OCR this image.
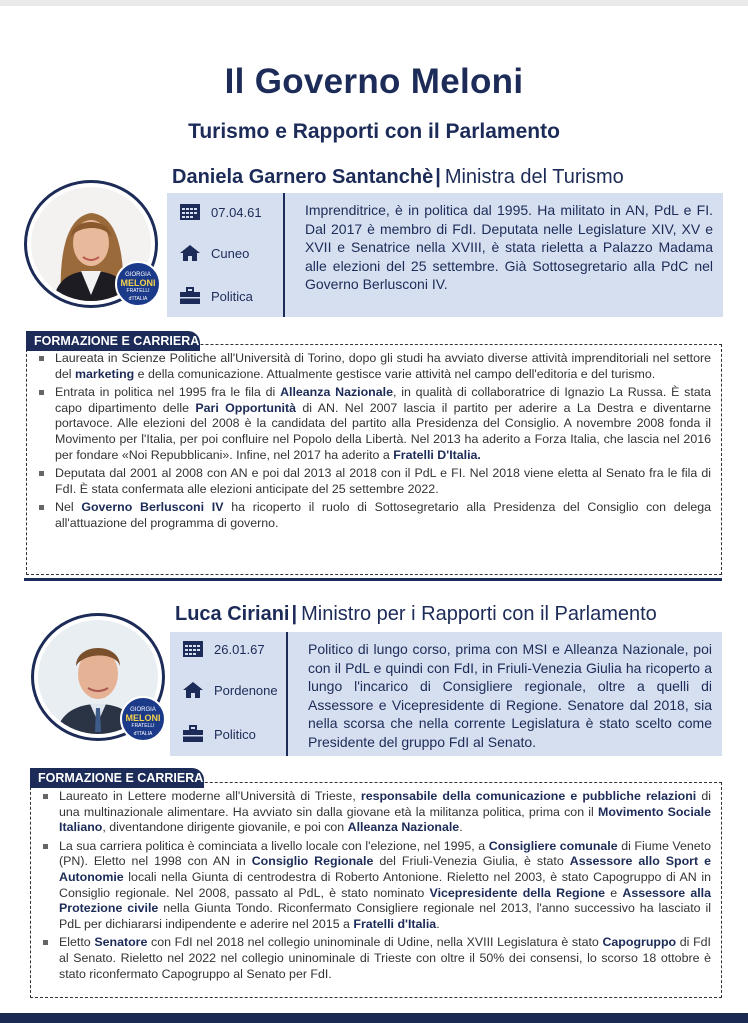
Il Governo Meloni
Turismo e Rapporti con il Parlamento
Daniela Garnero Santanchè | Ministra del Turismo
GIORGIA
MELONI
FRATELLI d'ITALIA
07.04.61
Cuneo
Politica

Imprenditrice, è in politica dal 1995. Ha militato in AN, PdL e FI. Dal 2017 è membro di FdI. Deputata nelle Legislature XIV, XV e XVII e Senatrice nella XVIII, è stata rieletta a Palazzo Madama alle elezioni del 25 settembre. Già Sottosegretario alla PdC nel Governo Berlusconi IV.

Laureata in Scienze Politiche all'Università di Torino, dopo gli studi ha avviato diverse attività imprenditoriali nel settore del marketing e della comunicazione. Attualmente gestisce varie attività nel campo dell'editoria e del turismo.
Entrata in politica nel 1995 fra le fila di Alleanza Nazionale, in qualità di collaboratrice di Ignazio La Russa. È stata capo dipartimento delle Pari Opportunità di AN. Nel 2007 lascia il partito per aderire a La Destra e diventarne portavoce. Alle elezioni del 2008 è la candidata del partito alla Presidenza del Consiglio. A novembre 2008 fonda il Movimento per l'Italia, per poi confluire nel Popolo della Libertà. Nel 2013 ha aderito a Forza Italia, che lascia nel 2016 per fondare «Noi Repubblicani». Infine, nel 2017 ha aderito a Fratelli D'Italia.
Deputata dal 2001 al 2008 con AN e poi dal 2013 al 2018 con il PdL e FI. Nel 2018 viene eletta al Senato fra le fila di FdI. È stata confermata alle elezioni anticipate del 25 settembre 2022.
Nel Governo Berlusconi IV ha ricoperto il ruolo di Sottosegretario alla Presidenza del Consiglio con delega all'attuazione del programma di governo.
FORMAZIONE E CARRIERA
Luca Ciriani | Ministro per i Rapporti con il Parlamento
GIORGIA
MELONI
FRATELLI d'ITALIA
26.01.67
Pordenone
Politico

Politico di lungo corso, prima con MSI e Alleanza Nazionale, poi con il PdL e quindi con FdI, in Friuli-Venezia Giulia ha ricoperto a lungo l'incarico di Consigliere regionale, oltre a quelli di Assessore e Vicepresidente di Regione. Senatore dal 2018, sia nella scorsa che nella corrente Legislatura è stato scelto come Presidente del gruppo FdI al Senato.

Laureato in Lettere moderne all'Università di Trieste, responsabile della comunicazione e pubbliche relazioni di una multinazionale alimentare. Ha avviato sin dalla giovane età la militanza politica, prima con il Movimento Sociale Italiano, diventandone dirigente giovanile, e poi con Alleanza Nazionale.
La sua carriera politica è cominciata a livello locale con l'elezione, nel 1995, a Consigliere comunale di Fiume Veneto (PN). Eletto nel 1998 con AN in Consiglio Regionale del Friuli-Venezia Giulia, è stato Assessore allo Sport e Autonomie locali nella Giunta di centrodestra di Roberto Antonione. Rieletto nel 2003, è stato Capogruppo di AN in Consiglio regionale. Nel 2008, passato al PdL, è stato nominato Vicepresidente della Regione e Assessore alla Protezione civile nella Giunta Tondo. Riconfermato Consigliere regionale nel 2013, l'anno successivo ha lasciato il PdL per dichiararsi indipendente e aderire nel 2015 a Fratelli d'Italia.
Eletto Senatore con FdI nel 2018 nel collegio uninominale di Udine, nella XVIII Legislatura è stato Capogruppo di FdI al Senato. Rieletto nel 2022 nel collegio uninominale di Trieste con oltre il 50% dei consensi, lo scorso 18 ottobre è stato riconfermato Capogruppo al Senato per FdI.
FORMAZIONE E CARRIERA
